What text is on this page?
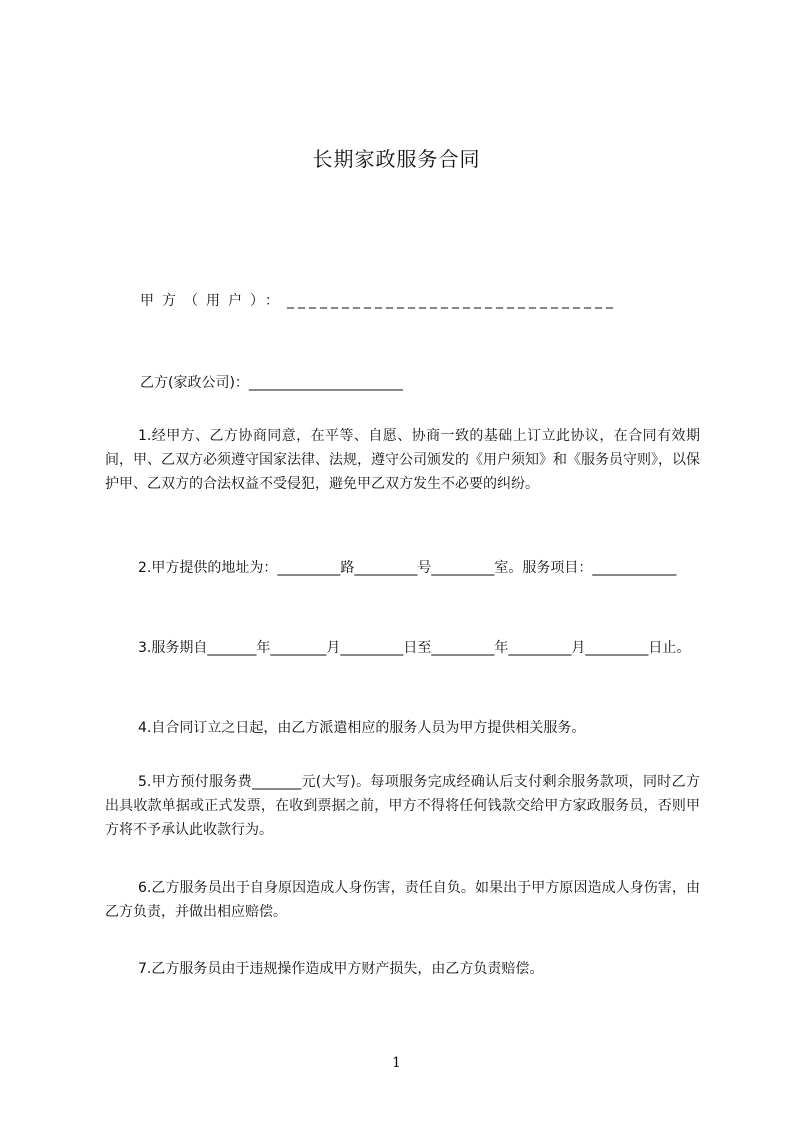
长期家政服务合同
甲方（用户）：______________________________
乙方(家政公司)：______________________
1.经甲方、乙方协商同意，在平等、自愿、协商一致的基础上订立此协议，在合同有效期间，甲、乙双方必须遵守国家法律、法规，遵守公司颁发的《用户须知》和《服务员守则》，以保护甲、乙双方的合法权益不受侵犯，避免甲乙双方发生不必要的纠纷。
2.甲方提供的地址为：_________路_________号_________室。服务项目：____________
3.服务期自_______年________月_________日至_________年_________月_________日止。
4.自合同订立之日起，由乙方派遣相应的服务人员为甲方提供相关服务。
5.甲方预付服务费_______元(大写)。每项服务完成经确认后支付剩余服务款项，同时乙方出具收款单据或正式发票，在收到票据之前，甲方不得将任何钱款交给甲方家政服务员，否则甲方将不予承认此收款行为。
6.乙方服务员出于自身原因造成人身伤害，责任自负。如果出于甲方原因造成人身伤害，由乙方负责，并做出相应赔偿。
7.乙方服务员由于违规操作造成甲方财产损失，由乙方负责赔偿。
1
